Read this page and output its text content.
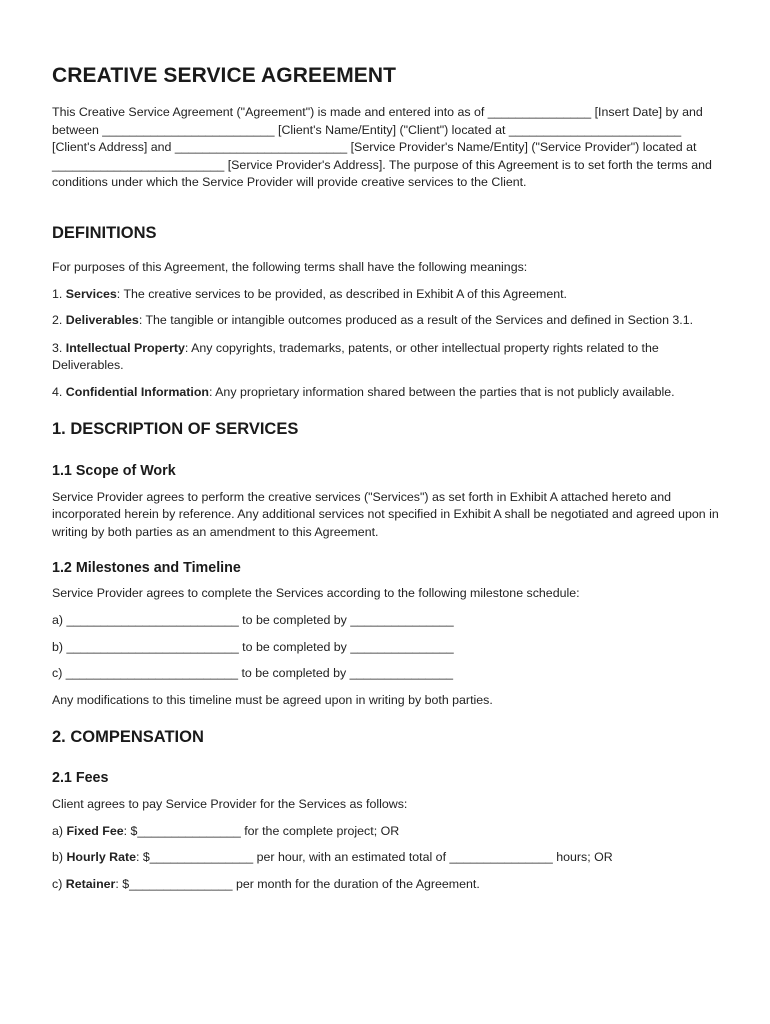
CREATIVE SERVICE AGREEMENT

This Creative Service Agreement ("Agreement") is made and entered into as of _______________ [Insert Date] by and between _________________________ [Client's Name/Entity] ("Client") located at _________________________ [Client's Address] and _________________________ [Service Provider's Name/Entity] ("Service Provider") located at _________________________ [Service Provider's Address]. The purpose of this Agreement is to set forth the terms and conditions under which the Service Provider will provide creative services to the Client.

DEFINITIONS

For purposes of this Agreement, the following terms shall have the following meanings:

1. Services: The creative services to be provided, as described in Exhibit A of this Agreement.

2. Deliverables: The tangible or intangible outcomes produced as a result of the Services and defined in Section 3.1.

3. Intellectual Property: Any copyrights, trademarks, patents, or other intellectual property rights related to the Deliverables.

4. Confidential Information: Any proprietary information shared between the parties that is not publicly available.

1. DESCRIPTION OF SERVICES
1.1 Scope of Work

Service Provider agrees to perform the creative services ("Services") as set forth in Exhibit A attached hereto and incorporated herein by reference. Any additional services not specified in Exhibit A shall be negotiated and agreed upon in writing by both parties as an amendment to this Agreement.

1.2 Milestones and Timeline

Service Provider agrees to complete the Services according to the following milestone schedule:

a) _________________________ to be completed by _______________

b) _________________________ to be completed by _______________

c) _________________________ to be completed by _______________

Any modifications to this timeline must be agreed upon in writing by both parties.

2. COMPENSATION
2.1 Fees

Client agrees to pay Service Provider for the Services as follows:

a) Fixed Fee: $_______________ for the complete project; OR

b) Hourly Rate: $_______________ per hour, with an estimated total of _______________ hours; OR

c) Retainer: $_______________ per month for the duration of the Agreement.
